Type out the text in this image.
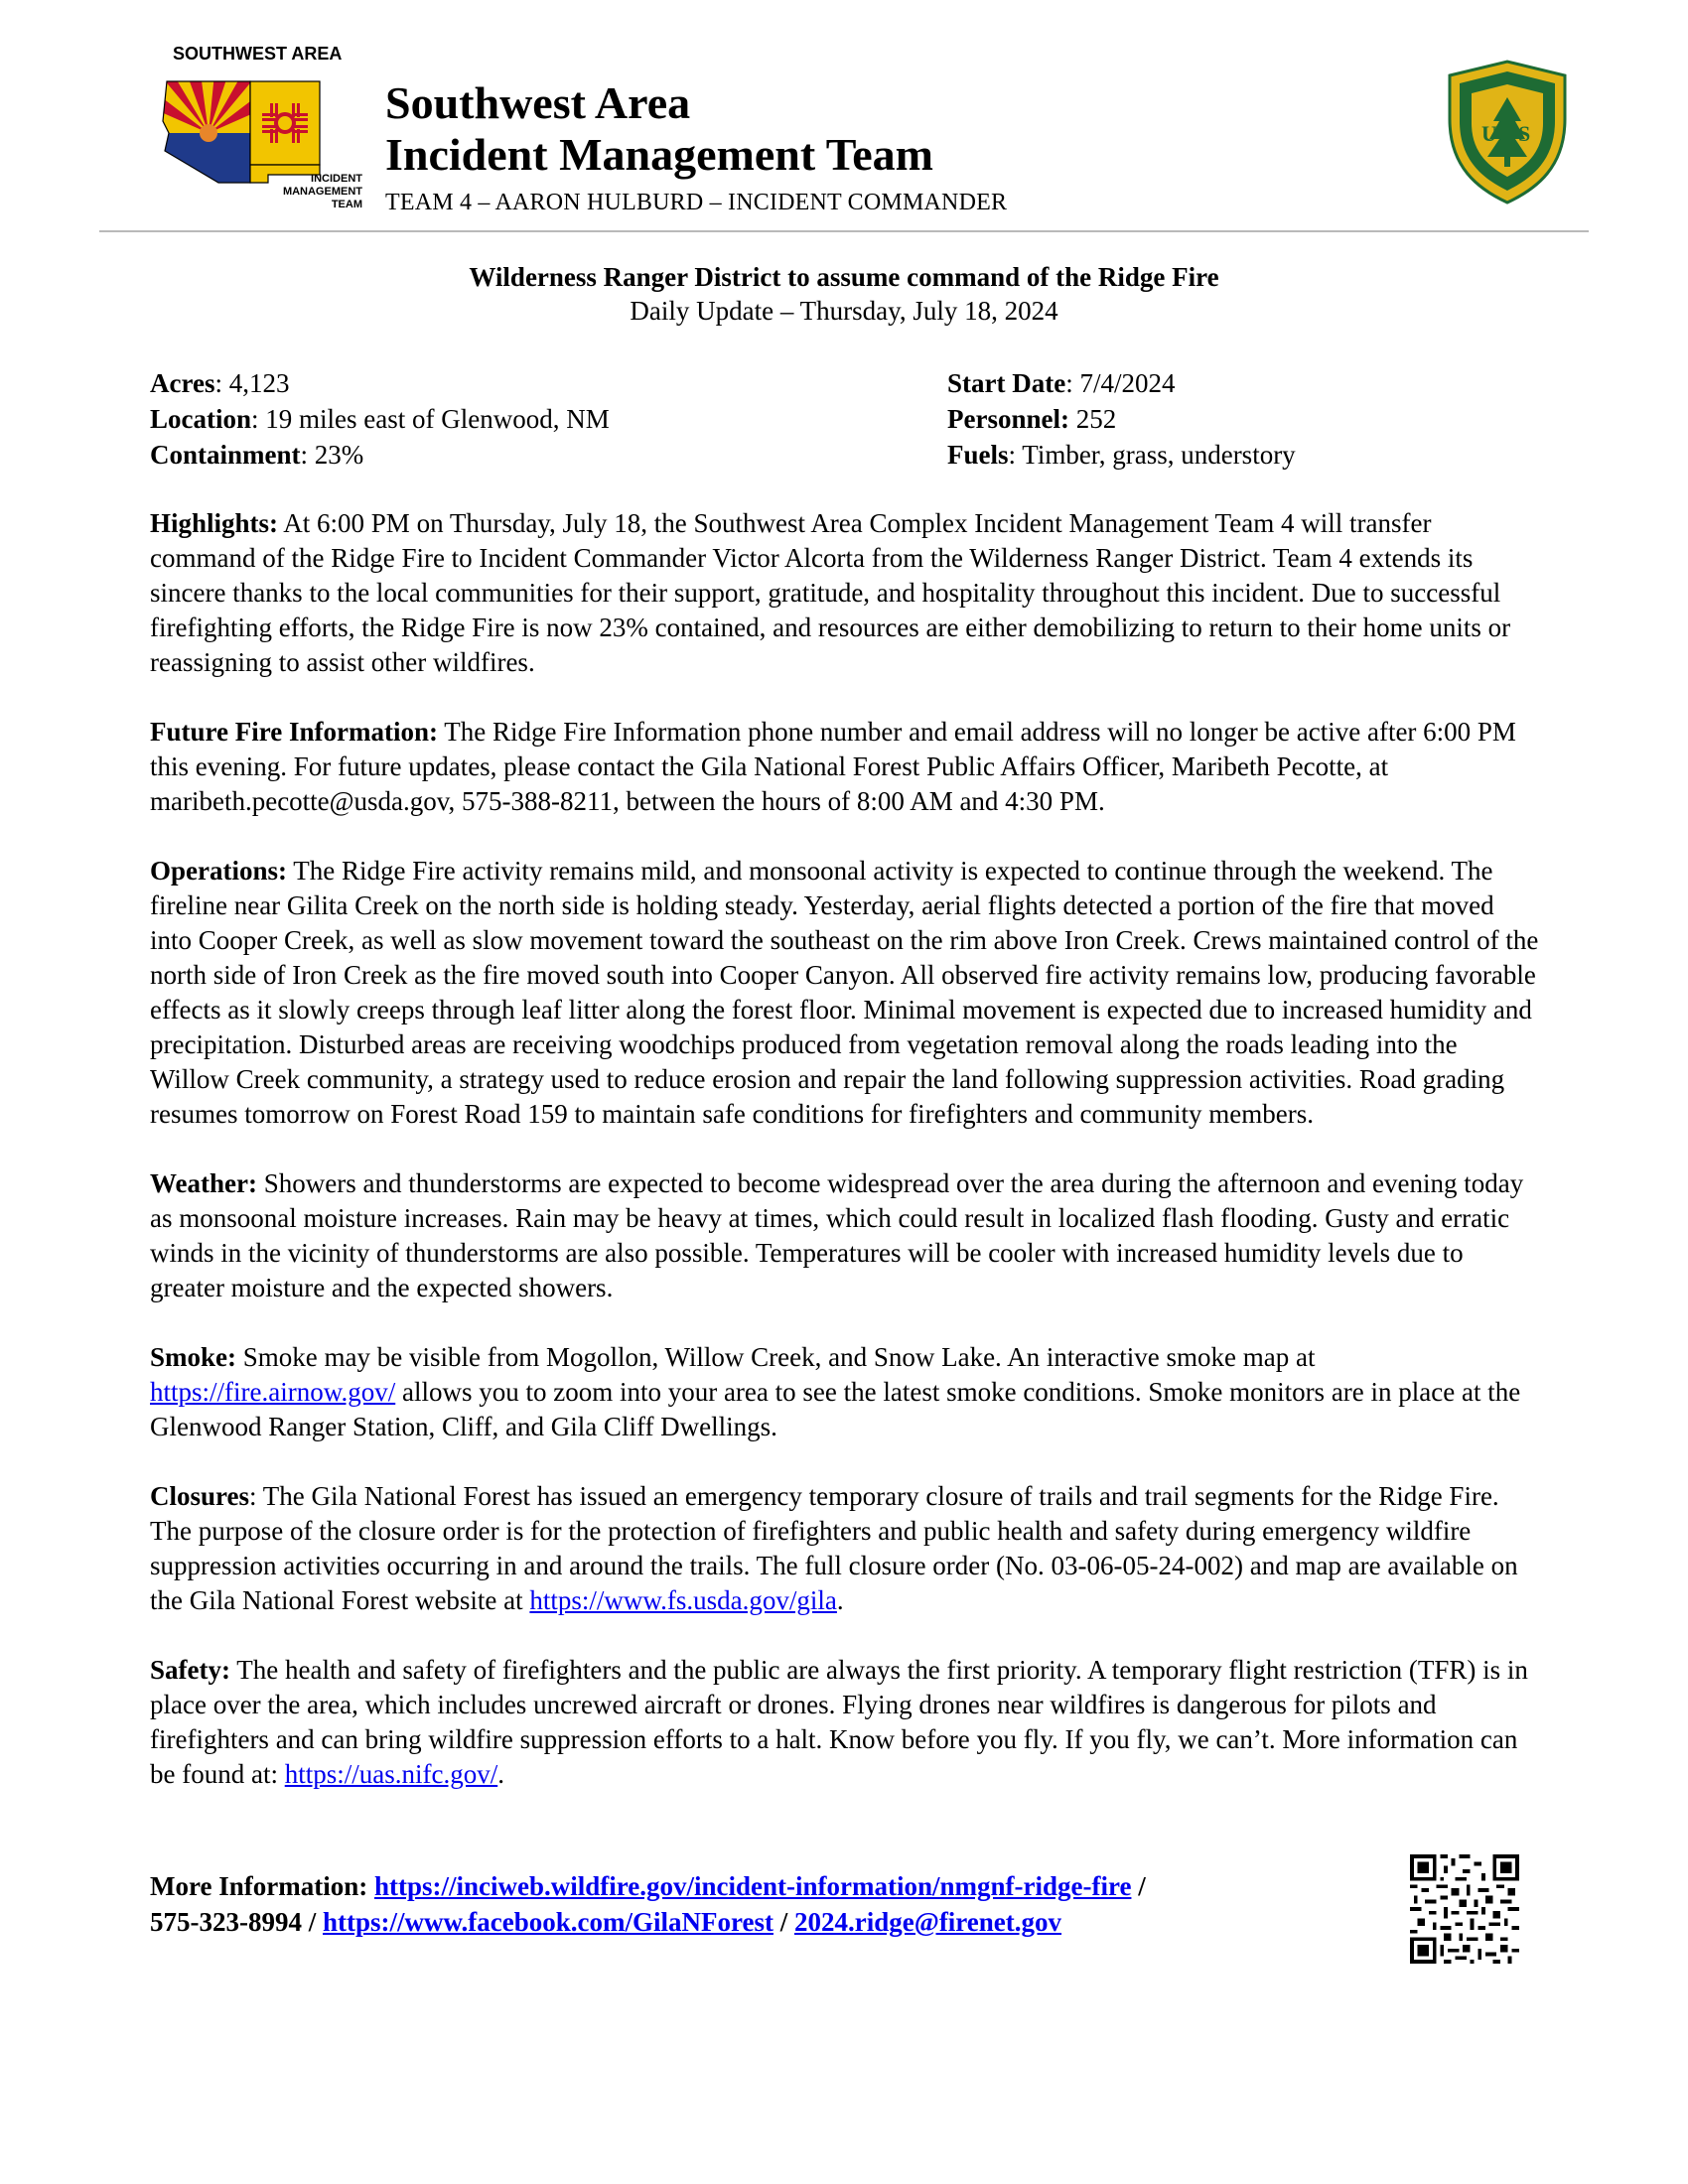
SOUTHWEST AREA
INCIDENT
MANAGEMENT
TEAM
Southwest Area
Incident Management Team
TEAM 4 – AARON HULBURD – INCIDENT COMMANDER
U S
Wilderness Ranger District to assume command of the Ridge Fire
Daily Update – Thursday, July 18, 2024
Acres: 4,123
Location: 19 miles east of Glenwood, NM
Containment: 23%
Start Date: 7/4/2024
Personnel: 252
Fuels: Timber, grass, understory

Highlights: At 6:00 PM on Thursday, July 18, the Southwest Area Complex Incident Management Team 4 will transfer command of the Ridge Fire to Incident Commander Victor Alcorta from the Wilderness Ranger District. Team 4 extends its sincere thanks to the local communities for their support, gratitude, and hospitality throughout this incident. Due to successful firefighting efforts, the Ridge Fire is now 23% contained, and resources are either demobilizing to return to their home units or reassigning to assist other wildfires.

Future Fire Information: The Ridge Fire Information phone number and email address will no longer be active after 6:00 PM this evening. For future updates, please contact the Gila National Forest Public Affairs Officer, Maribeth Pecotte, at maribeth.pecotte@usda.gov, 575-388-8211, between the hours of 8:00 AM and 4:30 PM.

Operations: The Ridge Fire activity remains mild, and monsoonal activity is expected to continue through the weekend. The fireline near Gilita Creek on the north side is holding steady. Yesterday, aerial flights detected a portion of the fire that moved into Cooper Creek, as well as slow movement toward the southeast on the rim above Iron Creek. Crews maintained control of the north side of Iron Creek as the fire moved south into Cooper Canyon. All observed fire activity remains low, producing favorable effects as it slowly creeps through leaf litter along the forest floor. Minimal movement is expected due to increased humidity and precipitation. Disturbed areas are receiving woodchips produced from vegetation removal along the roads leading into the Willow Creek community, a strategy used to reduce erosion and repair the land following suppression activities. Road grading resumes tomorrow on Forest Road 159 to maintain safe conditions for firefighters and community members.

Weather: Showers and thunderstorms are expected to become widespread over the area during the afternoon and evening today as monsoonal moisture increases. Rain may be heavy at times, which could result in localized flash flooding. Gusty and erratic winds in the vicinity of thunderstorms are also possible. Temperatures will be cooler with increased humidity levels due to greater moisture and the expected showers.

Smoke: Smoke may be visible from Mogollon, Willow Creek, and Snow Lake. An interactive smoke map at https://fire.airnow.gov/ allows you to zoom into your area to see the latest smoke conditions. Smoke monitors are in place at the Glenwood Ranger Station, Cliff, and Gila Cliff Dwellings.

Closures: The Gila National Forest has issued an emergency temporary closure of trails and trail segments for the Ridge Fire. The purpose of the closure order is for the protection of firefighters and public health and safety during emergency wildfire suppression activities occurring in and around the trails. The full closure order (No. 03-06-05-24-002) and map are available on the Gila National Forest website at https://www.fs.usda.gov/gila.

Safety: The health and safety of firefighters and the public are always the first priority. A temporary flight restriction (TFR) is in place over the area, which includes uncrewed aircraft or drones. Flying drones near wildfires is dangerous for pilots and firefighters and can bring wildfire suppression efforts to a halt. Know before you fly. If you fly, we can’t. More information can be found at: https://uas.nifc.gov/.

More Information: https://inciweb.wildfire.gov/incident-information/nmgnf-ridge-fire /
575-323-8994 / https://www.facebook.com/GilaNForest / 2024.ridge@firenet.gov
